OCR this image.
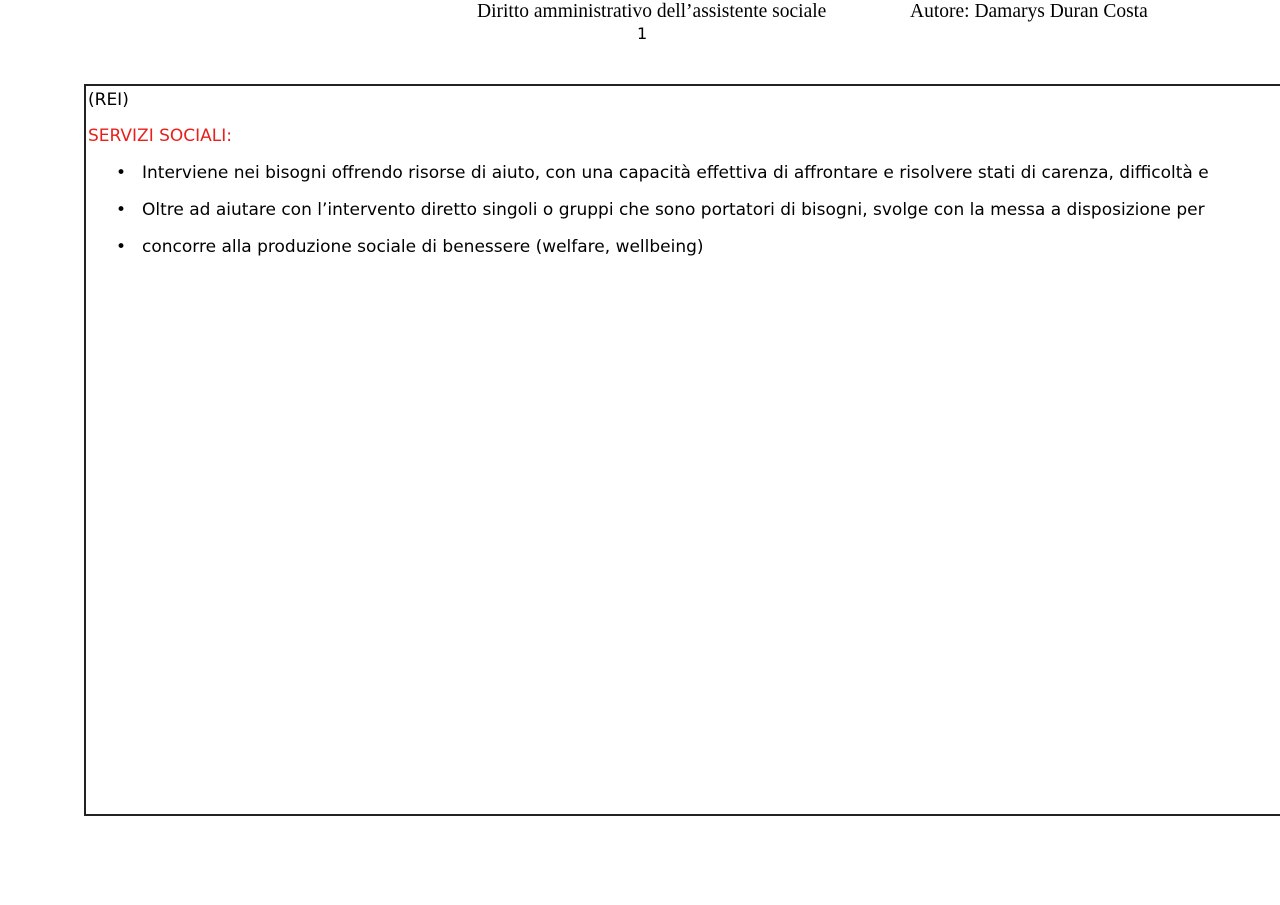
Diritto amministrativo dell’assistente sociale	Autore: Damarys Duran Costa
1
(REI)
SERVIZI SOCIALI:
• Interviene nei bisogni offrendo risorse di aiuto, con una capacità effettiva di affrontare e risolvere stati di carenza, difficoltà e
• Oltre ad aiutare con l’intervento diretto singoli o gruppi che sono portatori di bisogni, svolge con la messa a disposizione per
• concorre alla produzione sociale di benessere (welfare, wellbeing)
